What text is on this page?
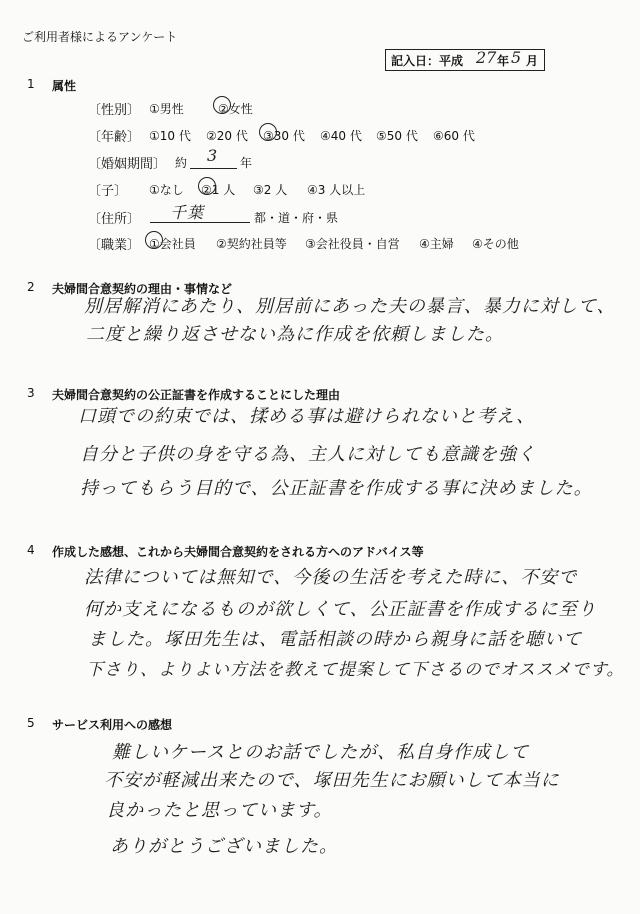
ご利用者様によるアンケート
記入日：平成 27 年 5 月
1 属性
〔性別〕 ①男性	②女性
〔年齢〕 ①10 代 ②20 代 ③30 代 ④40 代 ⑤50 代 ⑥60 代
〔婚姻期間〕 約 3 年
〔子〕 ①なし ②1 人 ③2 人 ④3 人以上
〔住所〕 千葉	都・道・府・県
〔職業〕 ①会社員 ②契約社員等 ③会社役員・自営 ④主婦 ④その他
2 夫婦間合意契約の理由・事情など
別居解消にあたり、別居前にあった夫の暴言、暴力に対して、
二度と繰り返させない為に作成を依頼しました。
3 夫婦間合意契約の公正証書を作成することにした理由
口頭での約束では、揉める事は避けられないと考え、
自分と子供の身を守る為、主人に対しても意識を強く
持ってもらう目的で、公正証書を作成する事に決めました。
4 作成した感想、これから夫婦間合意契約をされる方へのアドバイス等
法律については無知で、今後の生活を考えた時に、不安で
何か支えになるものが欲しくて、公正証書を作成するに至り
ました。塚田先生は、電話相談の時から親身に話を聴いて
下さり、よりよい方法を教えて提案して下さるのでオススメです。
5 サービス利用への感想
難しいケースとのお話でしたが、私自身作成して
不安が軽減出来たので、塚田先生にお願いして本当に
良かったと思っています。
ありがとうございました。
